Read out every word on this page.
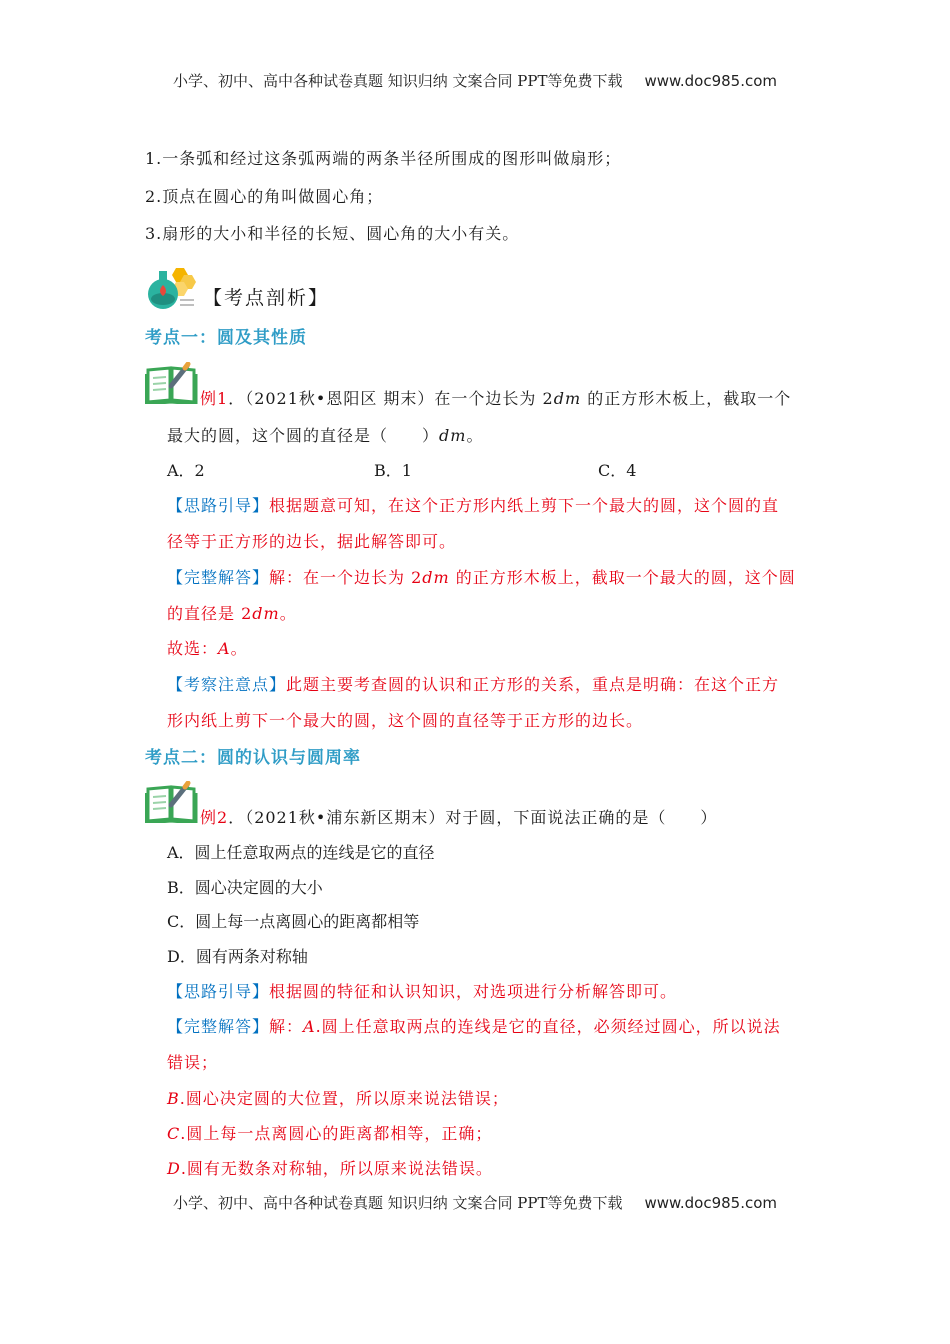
小学、初中、高中各种试卷真题 知识归纳 文案合同 PPT等免费下载 www.doc985.com
1.一条弧和经过这条弧两端的两条半径所围成的图形叫做扇形；
2.顶点在圆心的角叫做圆心角；
3.扇形的大小和半径的长短、圆心角的大小有关。
【考点剖析】
考点一：圆及其性质
例1．（2021秋•恩阳区 期末）在一个边长为 2dm 的正方形木板上，截取一个
最大的圆，这个圆的直径是（　　）dm。
A．2	B．1	C．4
【思路引导】根据题意可知，在这个正方形内纸上剪下一个最大的圆，这个圆的直
径等于正方形的边长，据此解答即可。
【完整解答】解：在一个边长为 2dm 的正方形木板上，截取一个最大的圆，这个圆
的直径是 2dm。
故选：A。
【考察注意点】此题主要考查圆的认识和正方形的关系，重点是明确：在这个正方
形内纸上剪下一个最大的圆，这个圆的直径等于正方形的边长。
考点二：圆的认识与圆周率
例2．（2021秋•浦东新区期末）对于圆，下面说法正确的是（　　）
A．圆上任意取两点的连线是它的直径
B．圆心决定圆的大小
C．圆上每一点离圆心的距离都相等
D．圆有两条对称轴
【思路引导】根据圆的特征和认识知识，对选项进行分析解答即可。
【完整解答】解：A.圆上任意取两点的连线是它的直径，必须经过圆心，所以说法
错误；
B.圆心决定圆的大位置，所以原来说法错误；
C.圆上每一点离圆心的距离都相等，正确；
D.圆有无数条对称轴，所以原来说法错误。
小学、初中、高中各种试卷真题 知识归纳 文案合同 PPT等免费下载 www.doc985.com
